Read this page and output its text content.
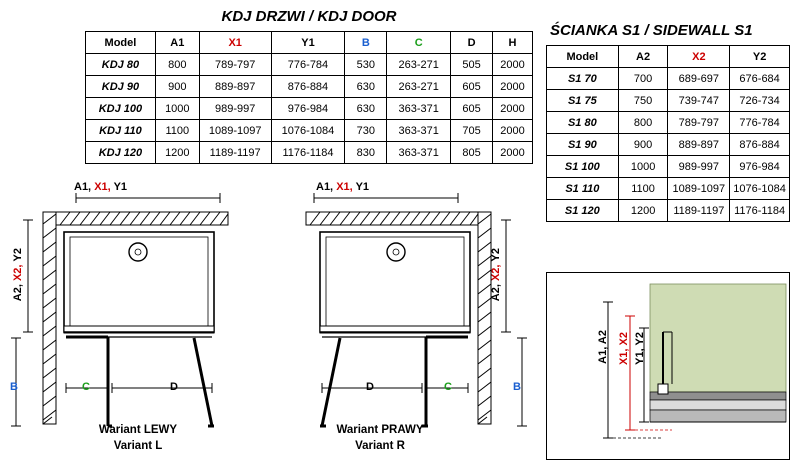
KDJ DRZWI / KDJ DOOR
Model	A1	X1	Y1	B	C	D	H
KDJ 80	800	789-797	776-784	530	263-271	505	2000
KDJ 90	900	889-897	876-884	630	263-271	605	2000
KDJ 100	1000	989-997	976-984	630	363-371	605	2000
KDJ 110	1100	1089-1097	1076-1084	730	363-371	705	2000
KDJ 120	1200	1189-1197	1176-1184	830	363-371	805	2000
ŚCIANKA S1 / SIDEWALL S1
Model	A2	X2	Y2
S1 70	700	689-697	676-684
S1 75	750	739-747	726-734
S1 80	800	789-797	776-784
S1 90	900	889-897	876-884
S1 100	1000	989-997	976-984
S1 110	1100	1089-1097	1076-1084
S1 120	1200	1189-1197	1176-1184
A1, X1, Y1
A2, X2, Y2
C	D
B
Wariant LEWY
Variant L
A1, X1, Y1
A2, X2, Y2
D	C	B
Wariant PRAWY
Variant R
A1, A2 X1, X2 Y1, Y2
